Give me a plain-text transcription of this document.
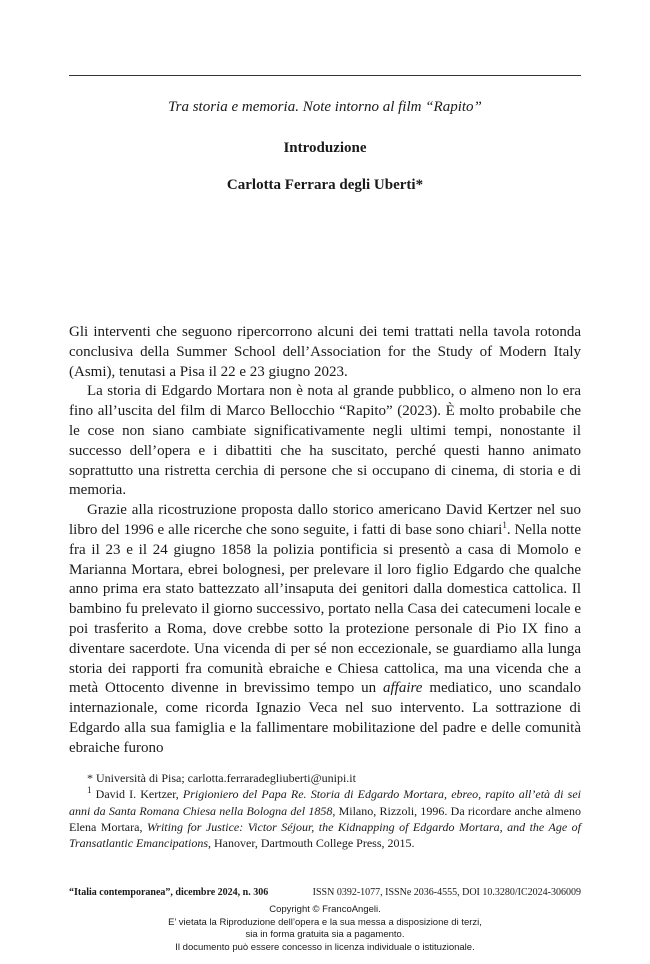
Tra storia e memoria. Note intorno al film “Rapito”
Introduzione
Carlotta Ferrara degli Uberti*

Gli interventi che seguono ripercorrono alcuni dei temi trattati nella tavola rotonda conclusiva della Summer School dell’Association for the Study of Modern Italy (Asmi), tenutasi a Pisa il 22 e 23 giugno 2023.

La storia di Edgardo Mortara non è nota al grande pubblico, o almeno non lo era fino all’uscita del film di Marco Bellocchio “Rapito” (2023). È molto probabile che le cose non siano cambiate significativamente negli ultimi tempi, nonostante il successo dell’opera e i dibattiti che ha suscitato, perché questi hanno animato soprattutto una ristretta cerchia di persone che si occupano di cinema, di storia e di memoria.

Grazie alla ricostruzione proposta dallo storico americano David Kertzer nel suo libro del 1996 e alle ricerche che sono seguite, i fatti di base sono chiari$^1$. Nella notte fra il 23 e il 24 giugno 1858 la polizia pontificia si presentò a casa di Momolo e Marianna Mortara, ebrei bolognesi, per prelevare il loro figlio Edgardo che qualche anno prima era stato battezzato all’insaputa dei genitori dalla domestica cattolica. Il bambino fu prelevato il giorno successivo, portato nella Casa dei catecumeni locale e poi trasferito a Roma, dove crebbe sotto la protezione personale di Pio IX fino a diventare sacerdote. Una vicenda di per sé non eccezionale, se guardiamo alla lunga storia dei rapporti fra comunità ebraiche e Chiesa cattolica, ma una vicenda che a metà Ottocento divenne in brevissimo tempo un affaire mediatico, uno scandalo internazionale, come ricorda Ignazio Veca nel suo intervento. La sottrazione di Edgardo alla sua famiglia e la fallimentare mobilitazione del padre e delle comunità ebraiche furono

* Università di Pisa; carlotta.ferraradegliuberti@unipi.it

$^1$ David I. Kertzer, Prigioniero del Papa Re. Storia di Edgardo Mortara, ebreo, rapito all’età di sei anni da Santa Romana Chiesa nella Bologna del 1858, Milano, Rizzoli, 1996. Da ricordare anche almeno Elena Mortara, Writing for Justice: Victor Séjour, the Kidnapping of Edgardo Mortara, and the Age of Transatlantic Emancipations, Hanover, Dartmouth College Press, 2015.

“Italia contemporanea”, dicembre 2024, n. 306	ISSN 0392-1077, ISSNe 2036-4555, DOI 10.3280/IC2024-306009
Copyright © FrancoAngeli.
E’ vietata la Riproduzione dell’opera e la sua messa a disposizione di terzi,
sia in forma gratuita sia a pagamento.
Il documento può essere concesso in licenza individuale o istituzionale.
